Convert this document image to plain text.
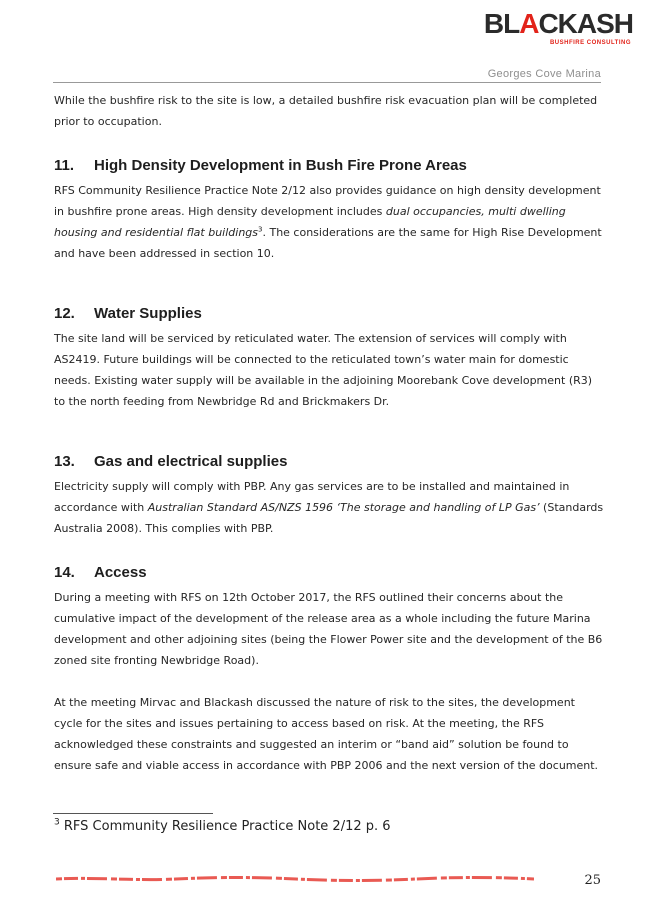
BLACKASH
BUSHFIRE CONSULTING
Georges Cove Marina

While the bushfire risk to the site is low, a detailed bushfire risk evacuation plan will be completed prior to occupation.

11. High Density Development in Bush Fire Prone Areas

RFS Community Resilience Practice Note 2/12 also provides guidance on high density development in bushfire prone areas. High density development includes dual occupancies, multi dwelling housing and residential flat buildings$^3$. The considerations are the same for High Rise Development and have been addressed in section 10.

12. Water Supplies

The site land will be serviced by reticulated water. The extension of services will comply with AS2419. Future buildings will be connected to the reticulated town’s water main for domestic needs. Existing water supply will be available in the adjoining Moorebank Cove development (R3) to the north feeding from Newbridge Rd and Brickmakers Dr.

13. Gas and electrical supplies

Electricity supply will comply with PBP. Any gas services are to be installed and maintained in accordance with Australian Standard AS/NZS 1596 ‘The storage and handling of LP Gas’ (Standards Australia 2008). This complies with PBP.

14. Access

During a meeting with RFS on 12th October 2017, the RFS outlined their concerns about the cumulative impact of the development of the release area as a whole including the future Marina development and other adjoining sites (being the Flower Power site and the development of the B6 zoned site fronting Newbridge Road).

At the meeting Mirvac and Blackash discussed the nature of risk to the sites, the development cycle for the sites and issues pertaining to access based on risk. At the meeting, the RFS acknowledged these constraints and suggested an interim or “band aid” solution be found to ensure safe and viable access in accordance with PBP 2006 and the next version of the document.

$^3$ RFS Community Resilience Practice Note 2/12 p. 6
25
